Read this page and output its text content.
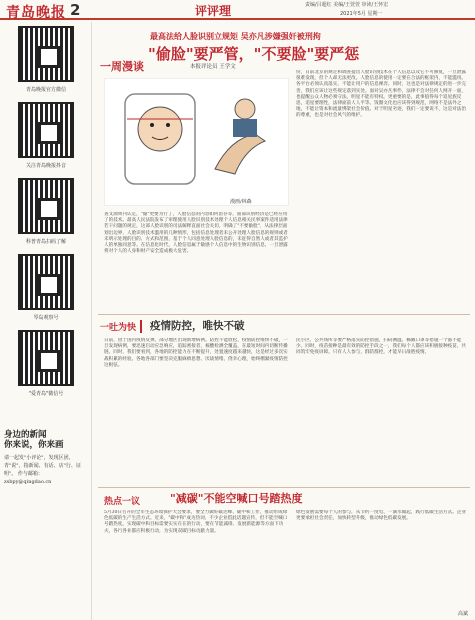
青岛晚报 2	评评理	责编/吕超红 美编/王萱萱 审读/王怀宏
2021年5月 星期一
青岛晚报官方微信
关注青岛晚报抖音
科普青岛扫码了解
琴岛观察号
"爱青岛"微信号
身边的新闻
你来说，你来画
请一起发"小评论"，发现区团，青"说"，指新闻、有话、店"行、证明"。 作与邮箱：zsbpy@qingdao.cn
最高法给人脸识别立规矩 吴亦凡涉嫌强奸被刑拘
"偷脸"要严管，"不要脸"要严惩
本报评论员 王学文
一周漫谈
漫画/林森
查文颉周刊认定，"偷"更要为行了，人脸信息的内容如何留存等，面部识别经济是已经应用了的技术。最高人民法院发布了审理使用人脸识别技术处理个人信息相关民事案件适用法律若干问题的规定，这部人脸识别的司法解释直面社会关切，明确了"不要偷脸"，从法律层面划出边界，人脸识别技术滥用的几种情形，包括信息处理者未公开处理人脸信息的规则或者未明示处理的目的、方式和范围，基于个人同意处理人脸信息的，未征得自然人或者其监护人的单独同意等。在信息化时代，人脸信息属于敏感个人信息中的生物识别信息，一旦泄露将对个人的人身和财产安全造成极大危害。
份，日前北京的规定和调查提出人脸识别技术在个人信息以及它不可修复，一旦泄露很难发现，但个人却无法更改。人脸信息的使用一定要在合法的框架内，不能滥用。各平台必须认真落实，不能让用户的信息裸奔。同时，这也是对法律规定的进一步完善，我们应该让这些规定落到实处。面对吴亦凡事件，法律不会对任何人网开一面，也提醒公众人物必须守法，明星不能有特权。更重要的是，此事值得每个追星族反思，追星要理性，法律面前人人平等。饭圈文化也应该得到规范，网络不是法外之地，不能让资本和流量绑架社会价值。对于明星劣迹，我们一定要说不，这是对法治的尊重，也是对社会风气的维护。
一吐为快	疫情防控，唯快不破
日前，由于国内疫情反弹，部分地区出现新增病例。防控不能放松，疫情防控唯快不破，一旦发现病例，要迅速启动应急响应，追踪密接者，核酸检测全覆盖，在最短时间内切断传播链。同时，我们要看到，各地的防控能力在不断提升，处置速度越来越快，这是经过多次实战积累的经验。各地各部门要坚决克服麻痹思想、厌战情绪、侥幸心理，始终绷紧疫情防控这根弦。
民小区、公共场所等要严格落实防控措施，扫码测温、佩戴口罩等措施一个都不能少。同时，疫苗接种是最有效的防控手段之一，我们每个人都应该积极接种疫苗，共同筑牢免疫屏障。只有人人参与，群防群控，才能早日战胜疫情。
热点一议	"减碳"不能空喊口号踏热度
5月30日召开的全市生态环境保护大会要求，要全力做好碳达峰、碳中和工作，推动形成绿色低碳的生产生活方式。近来，"碳中和"成为热词，不少企业借此话题宣传，但不能空喊口号踏热度。实现碳中和目标需要实实在在的行动，要在节能减排、发展新能源等方面下功夫，各行各业都应积极行动，为实现双碳目标贡献力量。
绿色发展需要每个人的参与，从节约一度电、一滴水做起，践行低碳生活方式。企业更要承担社会责任，加快转型升级，推动绿色低碳发展。
高斌
